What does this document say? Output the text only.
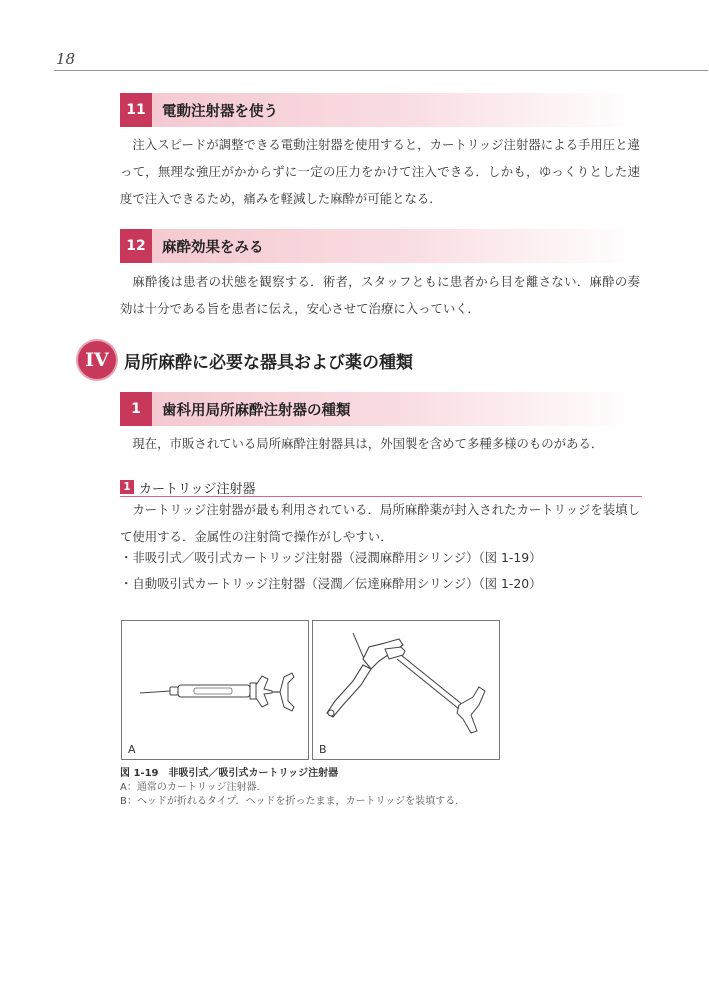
18
11	電動注射器を使う

注入スピードが調整できる電動注射器を使用すると，カートリッジ注射器による手用圧と違って，無理な強圧がかからずに一定の圧力をかけて注入できる．しかも，ゆっくりとした速度で注入できるため，痛みを軽減した麻酔が可能となる．

12	麻酔効果をみる

麻酔後は患者の状態を観察する．術者，スタッフともに患者から目を離さない．麻酔の奏効は十分である旨を患者に伝え，安心させて治療に入っていく．

IV 局所麻酔に必要な器具および薬の種類
1	歯科用局所麻酔注射器の種類

現在，市販されている局所麻酔注射器具は，外国製を含めて多種多様のものがある．

1 カートリッジ注射器

カートリッジ注射器が最も利用されている．局所麻酔薬が封入されたカートリッジを装填して使用する．金属性の注射筒で操作がしやすい．

・非吸引式／吸引式カートリッジ注射器（浸潤麻酔用シリンジ）（図 1-19）
・自動吸引式カートリッジ注射器（浸潤／伝達麻酔用シリンジ）（図 1-20）
A	B
図 1-19　非吸引式／吸引式カートリッジ注射器
A：通常のカートリッジ注射器.
B：ヘッドが折れるタイプ．ヘッドを折ったまま，カートリッジを装填する.
